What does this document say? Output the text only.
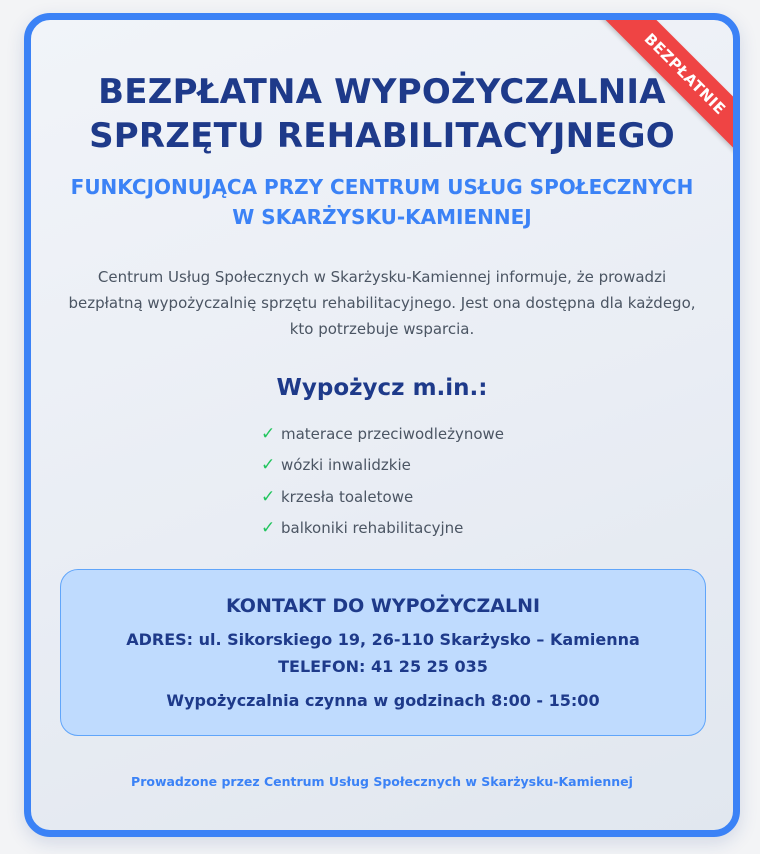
BEZPŁATNIE
BEZPŁATNA WYPOŻYCZALNIA
SPRZĘTU REHABILITACYJNEGO
FUNKCJONUJĄCA PRZY CENTRUM USŁUG SPOŁECZNYCH
W SKARŻYSKU-KAMIENNEJ

Centrum Usług Społecznych w Skarżysku-Kamiennej informuje, że prowadzi
bezpłatną wypożyczalnię sprzętu rehabilitacyjnego. Jest ona dostępna dla każdego,
kto potrzebuje wsparcia.

Wypożycz m.in.:
✓ materace przeciwodleżynowe
✓ wózki inwalidzkie
✓ krzesła toaletowe
✓ balkoniki rehabilitacyjne
KONTAKT DO WYPOŻYCZALNI
ADRES: ul. Sikorskiego 19, 26-110 Skarżysko – Kamienna
TELEFON: 41 25 25 035
Wypożyczalnia czynna w godzinach 8:00 - 15:00
Prowadzone przez Centrum Usług Społecznych w Skarżysku-Kamiennej
